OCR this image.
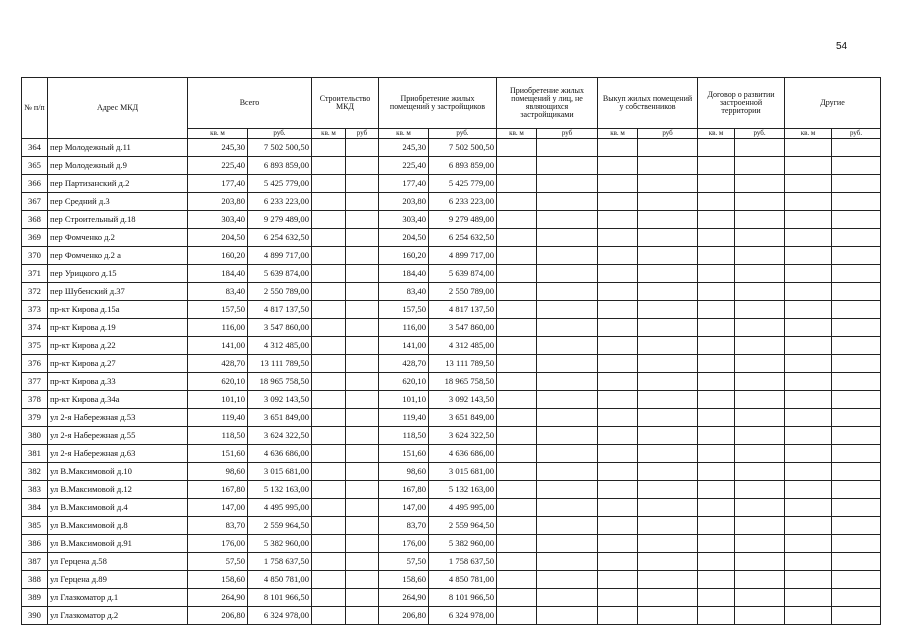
54
№ п/п	Адрес МКД	Всего		Строительство МКД		Приобретение жилых помещений у застройщиков		Приобретение жилых помещений у лиц, не являющихся застройщиками		Выкуп жилых помещений у собственников		Договор о развитии застроенной территории		Другие	
		кв. м	руб.	кв. м	руб	кв. м	руб.	кв. м	руб	кв. м	руб	кв. м	руб.	кв. м	руб.
364	пер Молодежный д.11	245,30	7 502 500,50			245,30	7 502 500,50								
365	пер Молодежный д.9	225,40	6 893 859,00			225,40	6 893 859,00								
366	пер Партизанский д.2	177,40	5 425 779,00			177,40	5 425 779,00								
367	пер Средний д.3	203,80	6 233 223,00			203,80	6 233 223,00								
368	пер Строительный д.18	303,40	9 279 489,00			303,40	9 279 489,00								
369	пер Фомченко д.2	204,50	6 254 632,50			204,50	6 254 632,50								
370	пер Фомченко д.2 а	160,20	4 899 717,00			160,20	4 899 717,00								
371	пер Урицкого д.15	184,40	5 639 874,00			184,40	5 639 874,00								
372	пер Шубенский д.37	83,40	2 550 789,00			83,40	2 550 789,00								
373	пр-кт Кирова д.15а	157,50	4 817 137,50			157,50	4 817 137,50								
374	пр-кт Кирова д.19	116,00	3 547 860,00			116,00	3 547 860,00								
375	пр-кт Кирова д.22	141,00	4 312 485,00			141,00	4 312 485,00								
376	пр-кт Кирова д.27	428,70	13 111 789,50			428,70	13 111 789,50								
377	пр-кт Кирова д.33	620,10	18 965 758,50			620,10	18 965 758,50								
378	пр-кт Кирова д.34а	101,10	3 092 143,50			101,10	3 092 143,50								
379	ул 2-я Набережная д.53	119,40	3 651 849,00			119,40	3 651 849,00								
380	ул 2-я Набережная д.55	118,50	3 624 322,50			118,50	3 624 322,50								
381	ул 2-я Набережная д.63	151,60	4 636 686,00			151,60	4 636 686,00								
382	ул В.Максимовой д.10	98,60	3 015 681,00			98,60	3 015 681,00								
383	ул В.Максимовой д.12	167,80	5 132 163,00			167,80	5 132 163,00								
384	ул В.Максимовой д.4	147,00	4 495 995,00			147,00	4 495 995,00								
385	ул В.Максимовой д.8	83,70	2 559 964,50			83,70	2 559 964,50								
386	ул В.Максимовой д.91	176,00	5 382 960,00			176,00	5 382 960,00								
387	ул Герцена д.58	57,50	1 758 637,50			57,50	1 758 637,50								
388	ул Герцена д.89	158,60	4 850 781,00			158,60	4 850 781,00								
389	ул Глазкоматор д.1	264,90	8 101 966,50			264,90	8 101 966,50								
390	ул Глазкоматор д.2	206,80	6 324 978,00			206,80	6 324 978,00								
